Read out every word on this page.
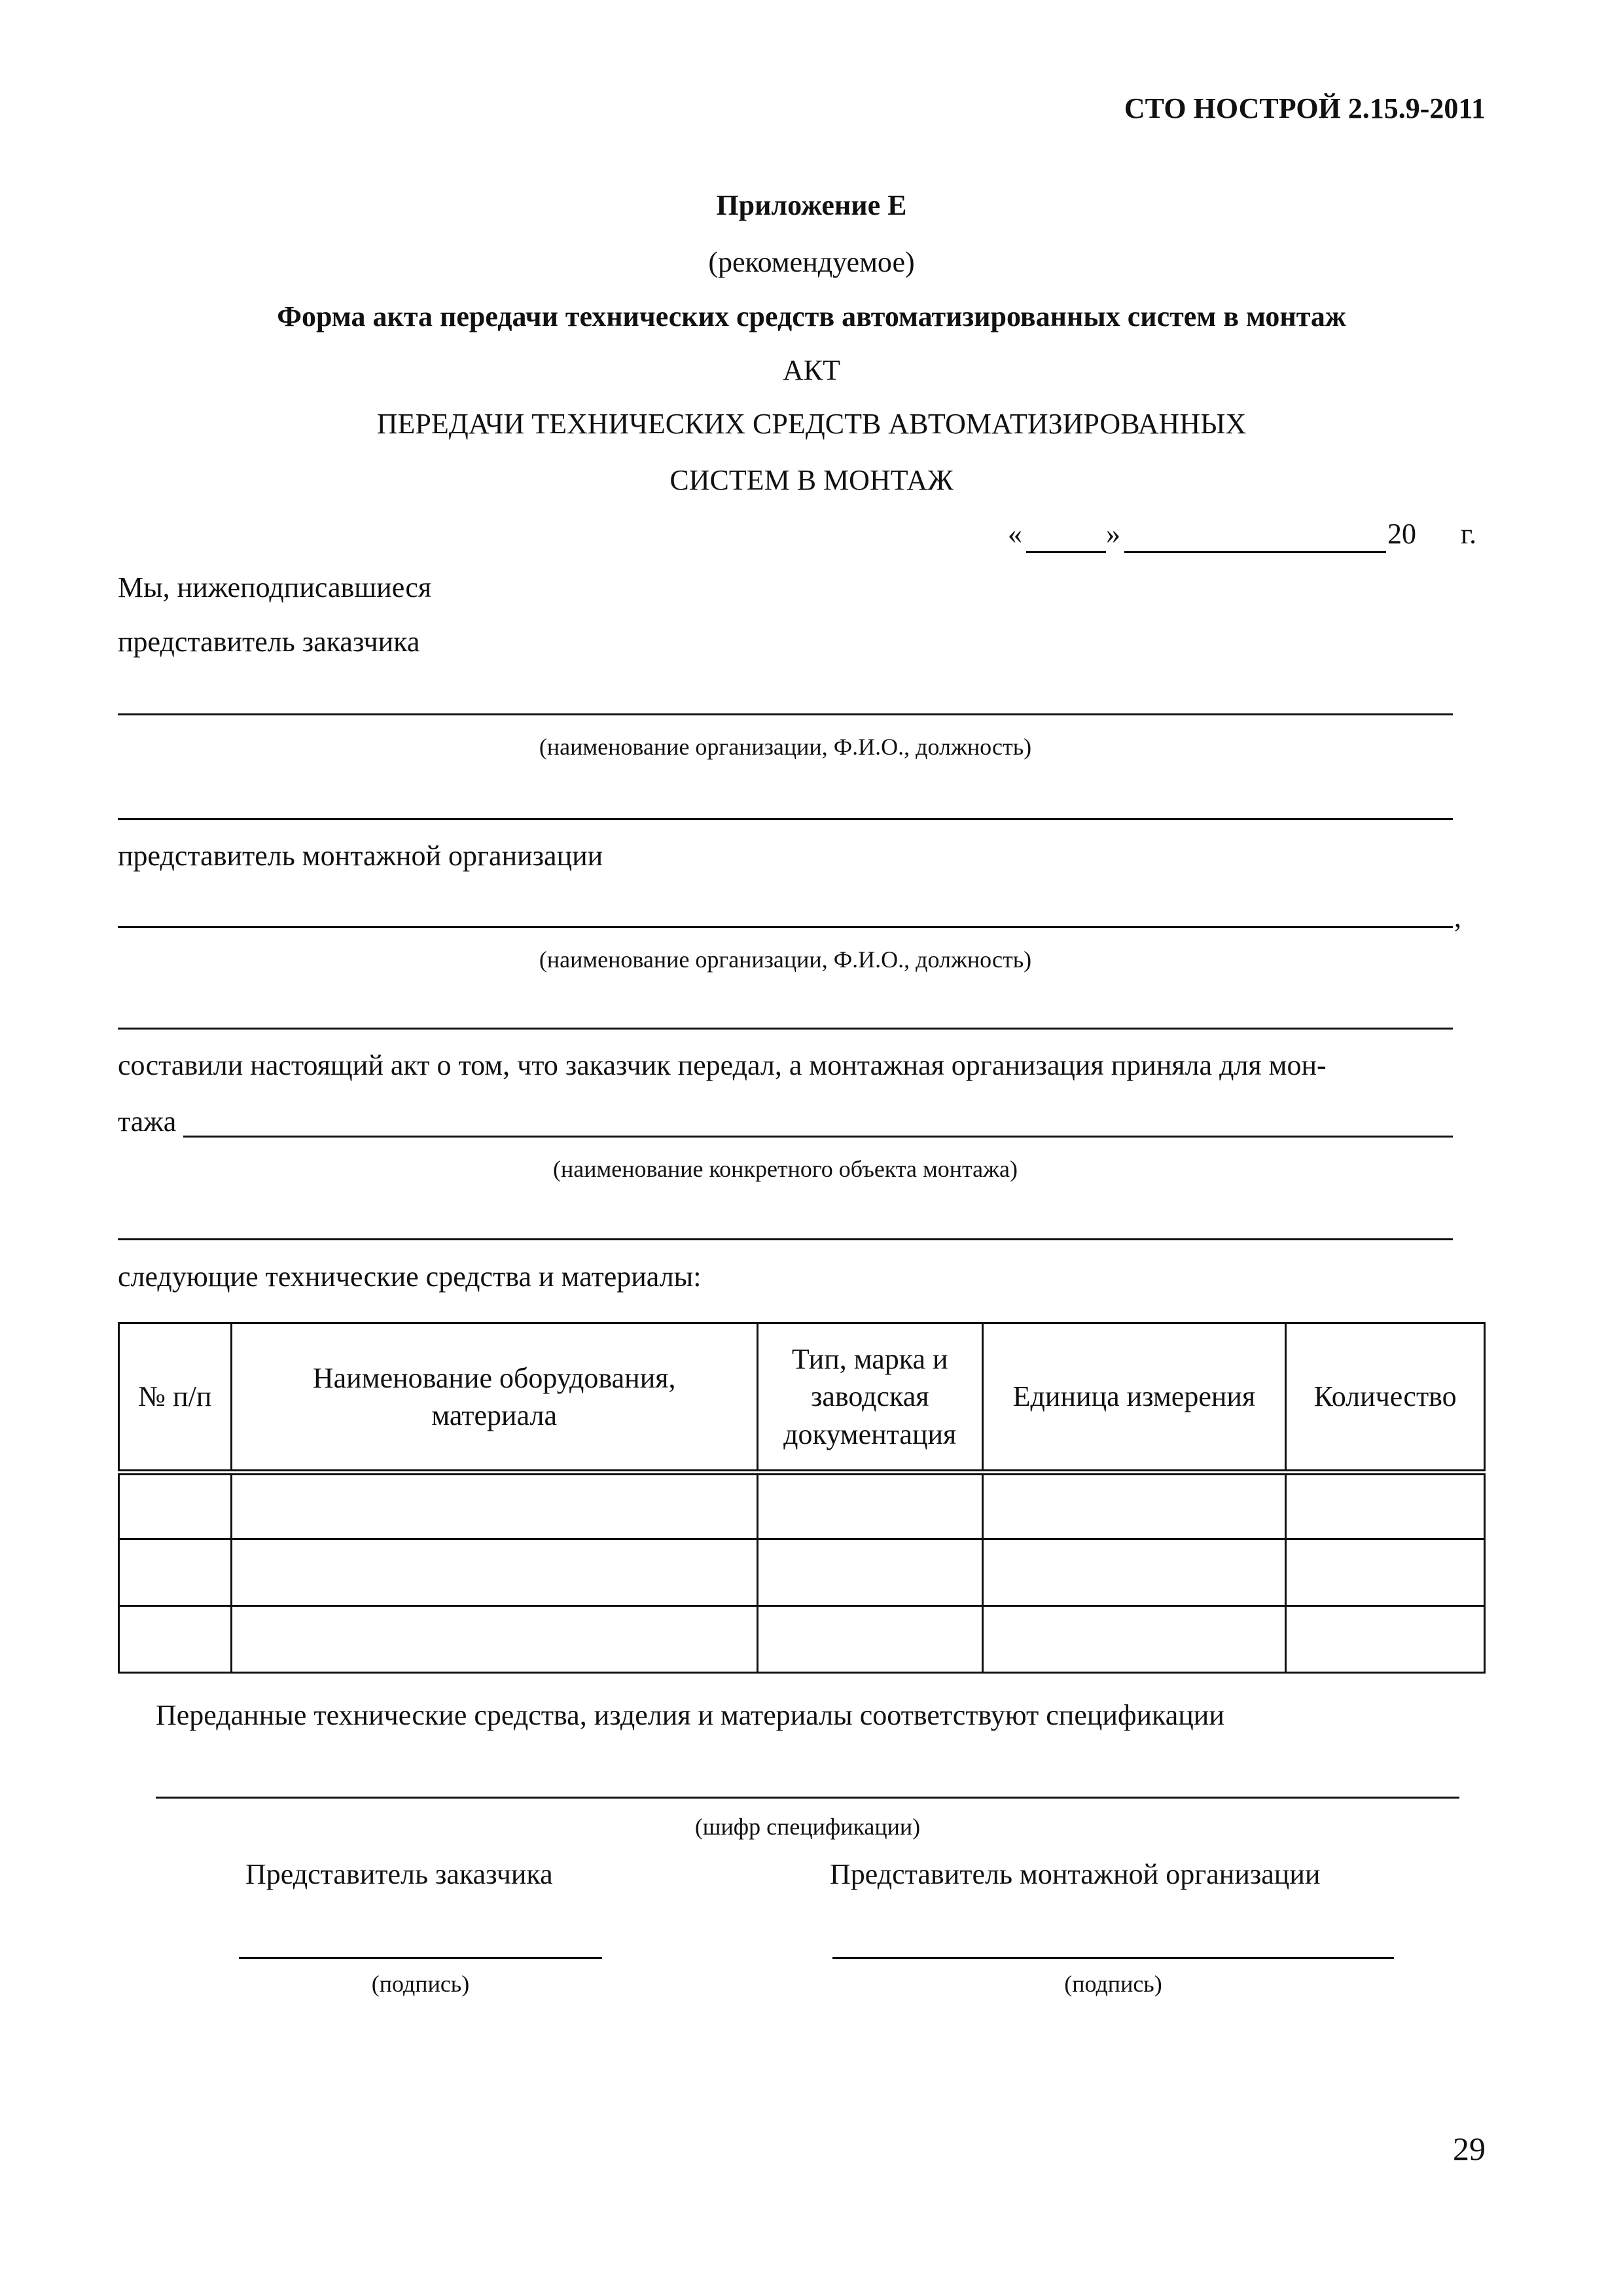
СТО НОСТРОЙ 2.15.9-2011
Приложение Е
(рекомендуемое)
Форма акта передачи технических средств автоматизированных систем в монтаж
АКТ
ПЕРЕДАЧИ ТЕХНИЧЕСКИХ СРЕДСТВ АВТОМАТИЗИРОВАННЫХ
СИСТЕМ В МОНТАЖ
«	»	20 г.
Мы, нижеподписавшиеся
представитель заказчика
(наименование организации, Ф.И.О., должность)
представитель монтажной организации
,
(наименование организации, Ф.И.О., должность)
составили настоящий акт о том, что заказчик передал, а монтажная организация приняла для мон-
тажа
(наименование конкретного объекта монтажа)
следующие технические средства и материалы:
№ п/п	Наименование оборудования, материала	Тип, марка и заводская документация	Единица измерения	Количество

Переданные технические средства, изделия и материалы соответствуют спецификации
(шифр спецификации)
Представитель заказчика	Представитель монтажной организации
(подпись)	(подпись)
29
